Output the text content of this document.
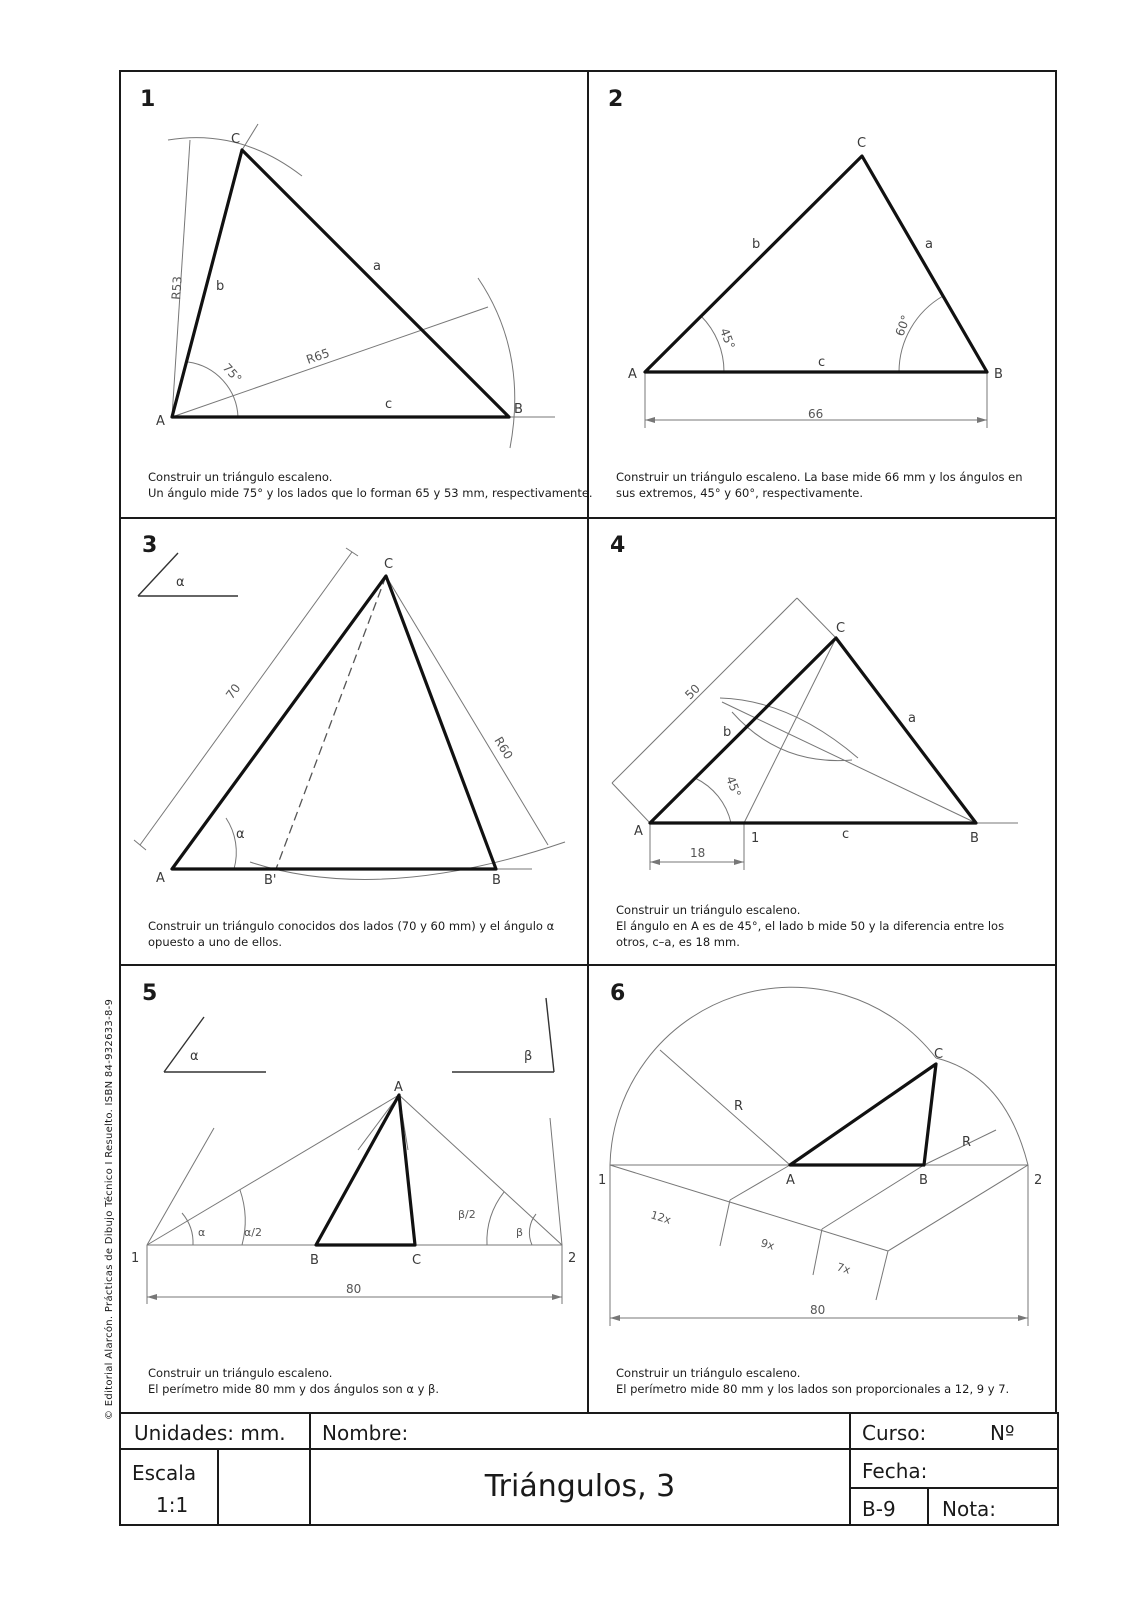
© Editorial Alarcón. Prácticas de Dibujo Técnico I Resuelto. ISBN 84-932633-8-9
1
A
B
C
a
b
c
R53
R65
75°
Construir un triángulo escaleno.
Un ángulo mide 75° y los lados que lo forman 65 y 53 mm, respectivamente.
2
A	B
C
a
b
c
45°
60°
66
Construir un triángulo escaleno. La base mide 66 mm y los ángulos en
sus extremos, 45° y 60°, respectivamente.
3
α
A	B
B'
C
70
R60
α
Construir un triángulo conocidos dos lados (70 y 60 mm) y el ángulo α
opuesto a uno de ellos.
4
A	B
C
1
a
b
c
50
45°
18
Construir un triángulo escaleno.
El ángulo en A es de 45°, el lado b mide 50 y la diferencia entre los
otros, c–a, es 18 mm.
5
α	β
A
B	C
1	2
α	α/2
β/2
β
80
Construir un triángulo escaleno.
El perímetro mide 80 mm y dos ángulos son α y β.
6
A	B
C
1	2
R
R
12x
9x
7x
80
Construir un triángulo escaleno.
El perímetro mide 80 mm y los lados son proporcionales a 12, 9 y 7.
Unidades: mm. Nombre:	Curso:	Nº
Escala
1:1
Triángulos, 3	Fecha:
B-9 Nota:
